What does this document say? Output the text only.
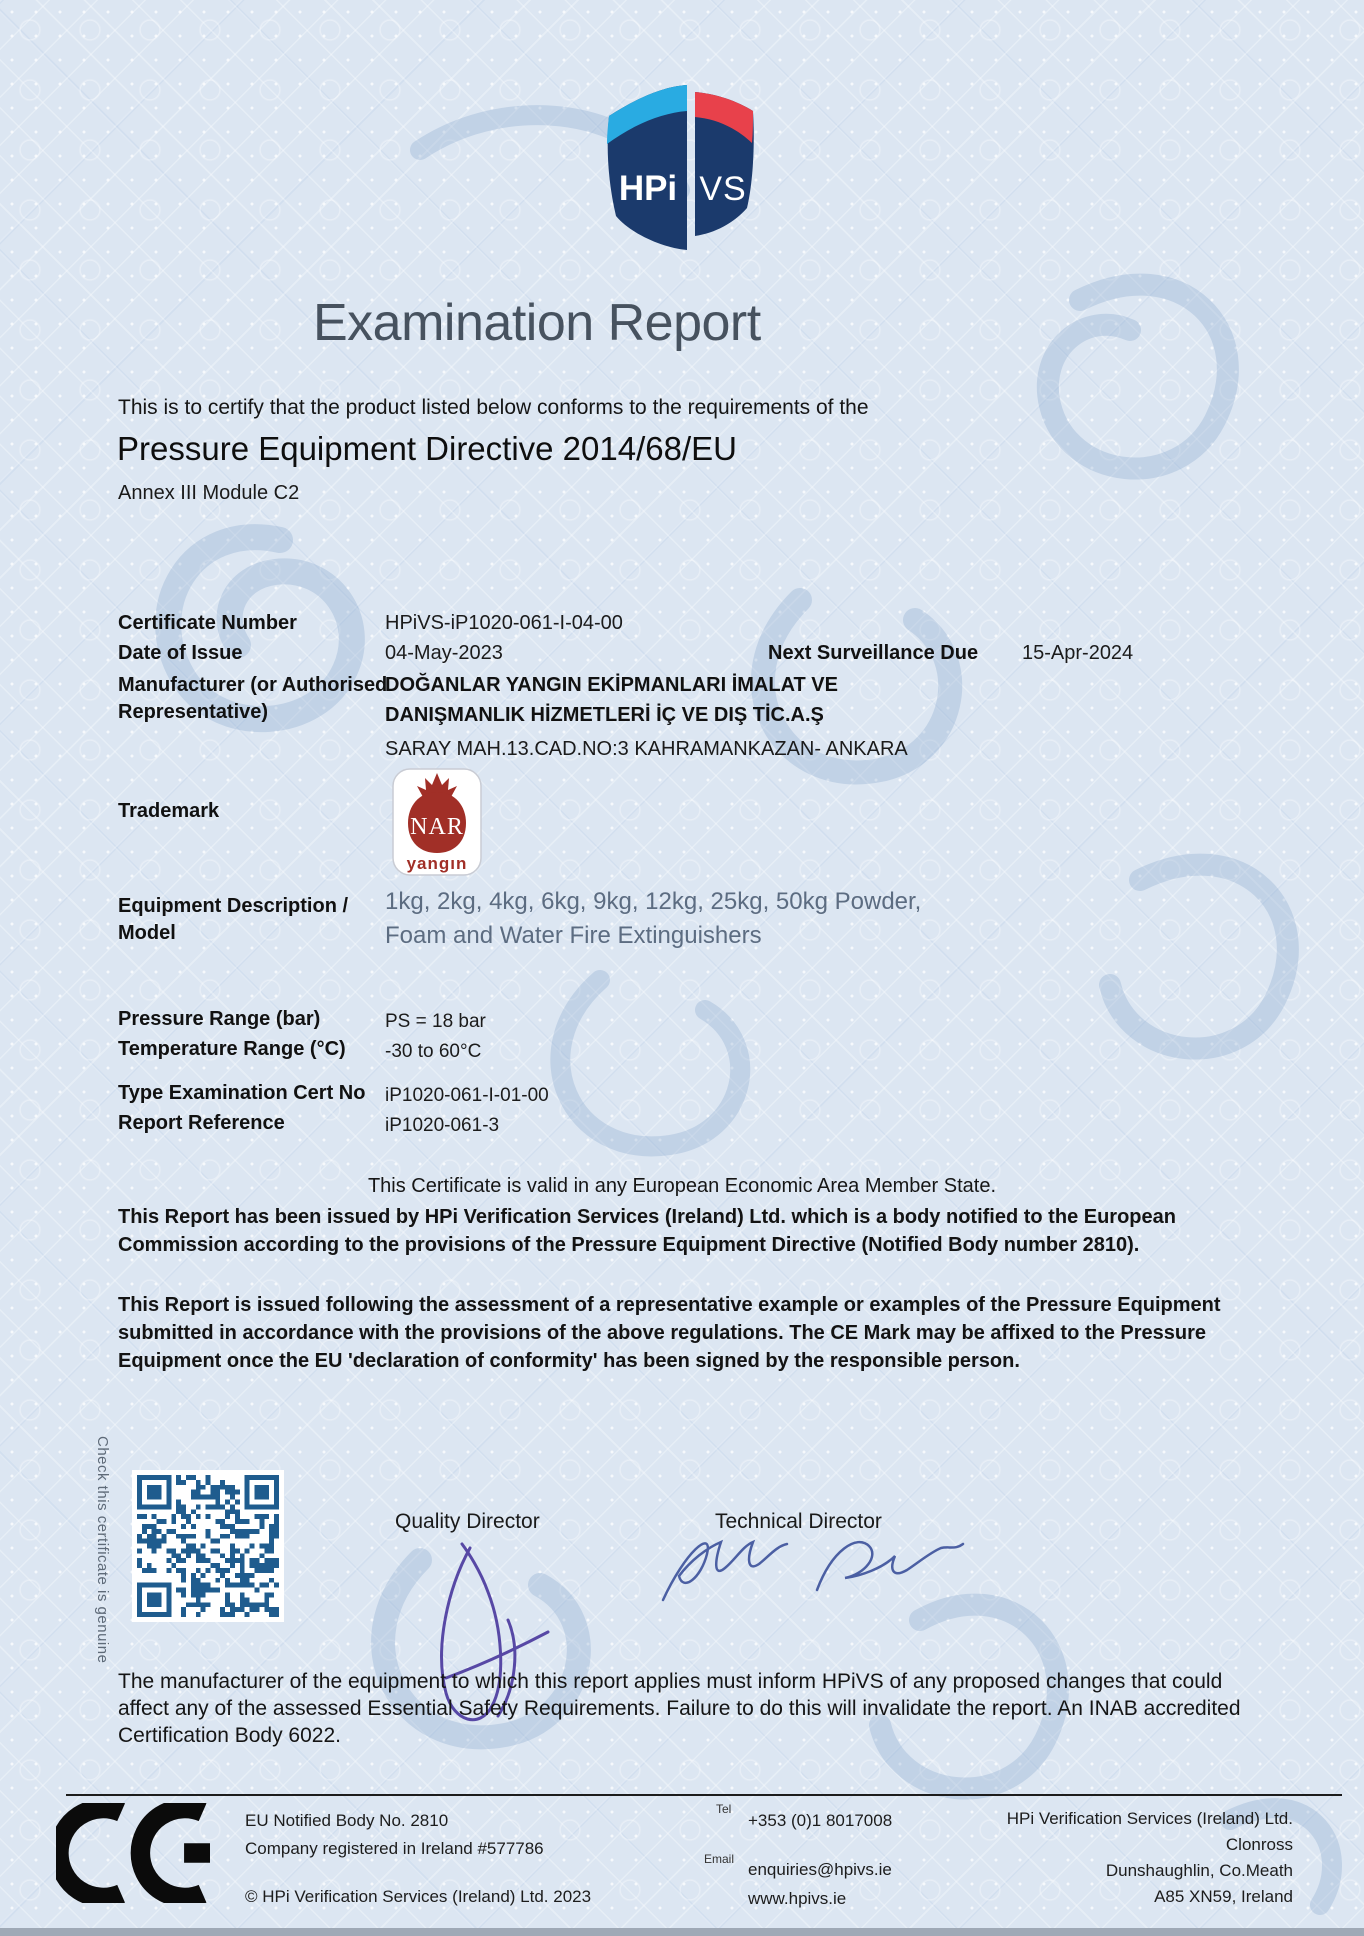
HPi VS
Examination Report
This is to certify that the product listed below conforms to the requirements of the
Pressure Equipment Directive 2014/68/EU
Annex III Module C2
Certificate Number	HPiVS-iP1020-061-I-04-00
Date of Issue	04-May-2023	Next Surveillance Due 15-Apr-2024
Manufacturer (or Authorised Representative)
DOĞANLAR YANGIN EKİPMANLARI İMALAT VE DANIŞMANLIK HİZMETLERİ İÇ VE DIŞ TİC.A.Ş
SARAY MAH.13.CAD.NO:3 KAHRAMANKAZAN- ANKARA
Trademark
NAR
yangın
Equipment Description / Model
1kg, 2kg, 4kg, 6kg, 9kg, 12kg, 25kg, 50kg Powder, Foam and Water Fire Extinguishers
Pressure Range (bar)	PS = 18 bar
Temperature Range (°C) -30 to 60°C
Type Examination Cert No iP1020-061-I-01-00
Report Reference	iP1020-061-3
This Certificate is valid in any European Economic Area Member State.
This Report has been issued by HPi Verification Services (Ireland) Ltd. which is a body notified to the European Commission according to the provisions of the Pressure Equipment Directive (Notified Body number 2810).
This Report is issued following the assessment of a representative example or examples of the Pressure Equipment submitted in accordance with the provisions of the above regulations. The CE Mark may be affixed to the Pressure Equipment once the EU 'declaration of conformity' has been signed by the responsible person.
Check this certificate is genuine	Quality Director	Technical Director
The manufacturer of the equipment to which this report applies must inform HPiVS of any proposed changes that could affect any of the assessed Essential Safety Requirements. Failure to do this will invalidate the report. An INAB accredited Certification Body 6022.
EU Notified Body No. 2810
Company registered in Ireland #577786
© HPi Verification Services (Ireland) Ltd. 2023
Tel
+353 (0)1 8017008
Email
enquiries@hpivs.ie
www.hpivs.ie
HPi Verification Services (Ireland) Ltd.
Clonross
Dunshaughlin, Co.Meath
A85 XN59, Ireland
